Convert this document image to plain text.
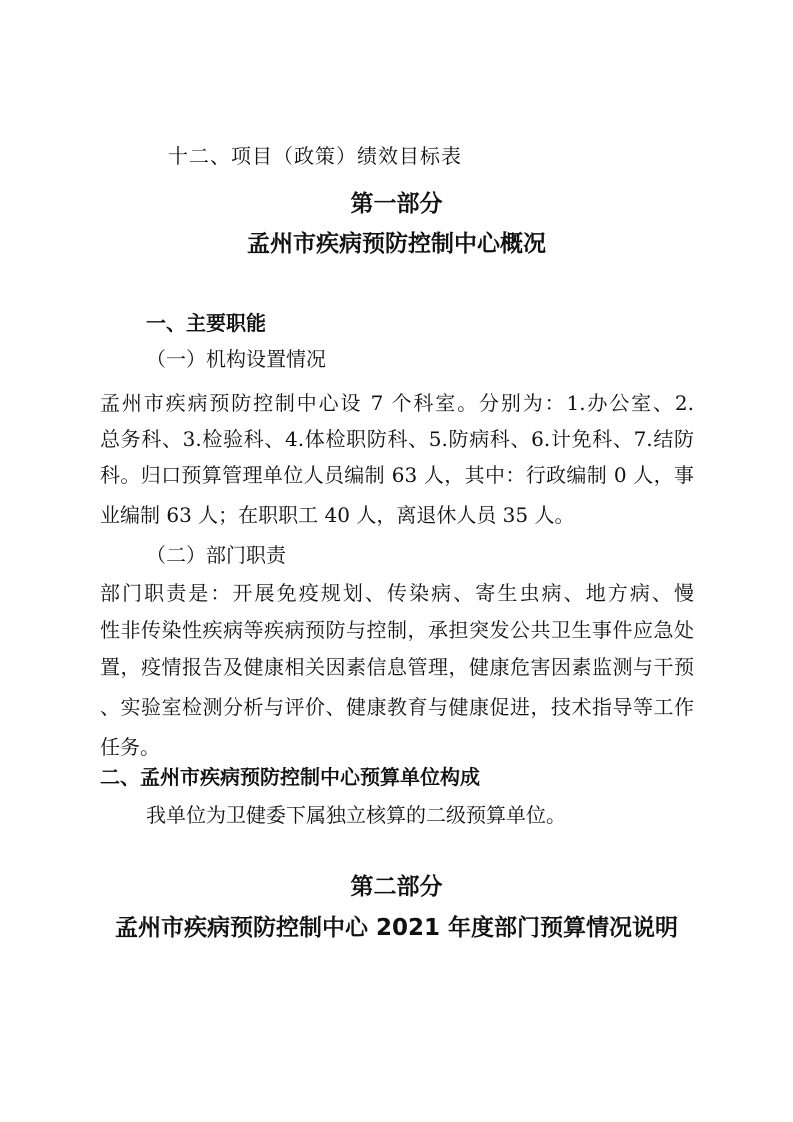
十二、项目（政策）绩效目标表
第一部分
孟州市疾病预防控制中心概况
一、主要职能
（一）机构设置情况
孟州市疾病预防控制中心设 7 个科室。分别为：1.办公室、2.
总务科、3.检验科、4.体检职防科、5.防病科、6.计免科、7.结防
科。归口预算管理单位人员编制 63 人，其中：行政编制 0 人，事
业编制 63 人；在职职工 40 人，离退休人员 35 人。
（二）部门职责
部门职责是：开展免疫规划、传染病、寄生虫病、地方病、慢
性非传染性疾病等疾病预防与控制，承担突发公共卫生事件应急处
置，疫情报告及健康相关因素信息管理，健康危害因素监测与干预
、实验室检测分析与评价、健康教育与健康促进，技术指导等工作
任务。
二、孟州市疾病预防控制中心预算单位构成
我单位为卫健委下属独立核算的二级预算单位。
第二部分
孟州市疾病预防控制中心 2021 年度部门预算情况说明
